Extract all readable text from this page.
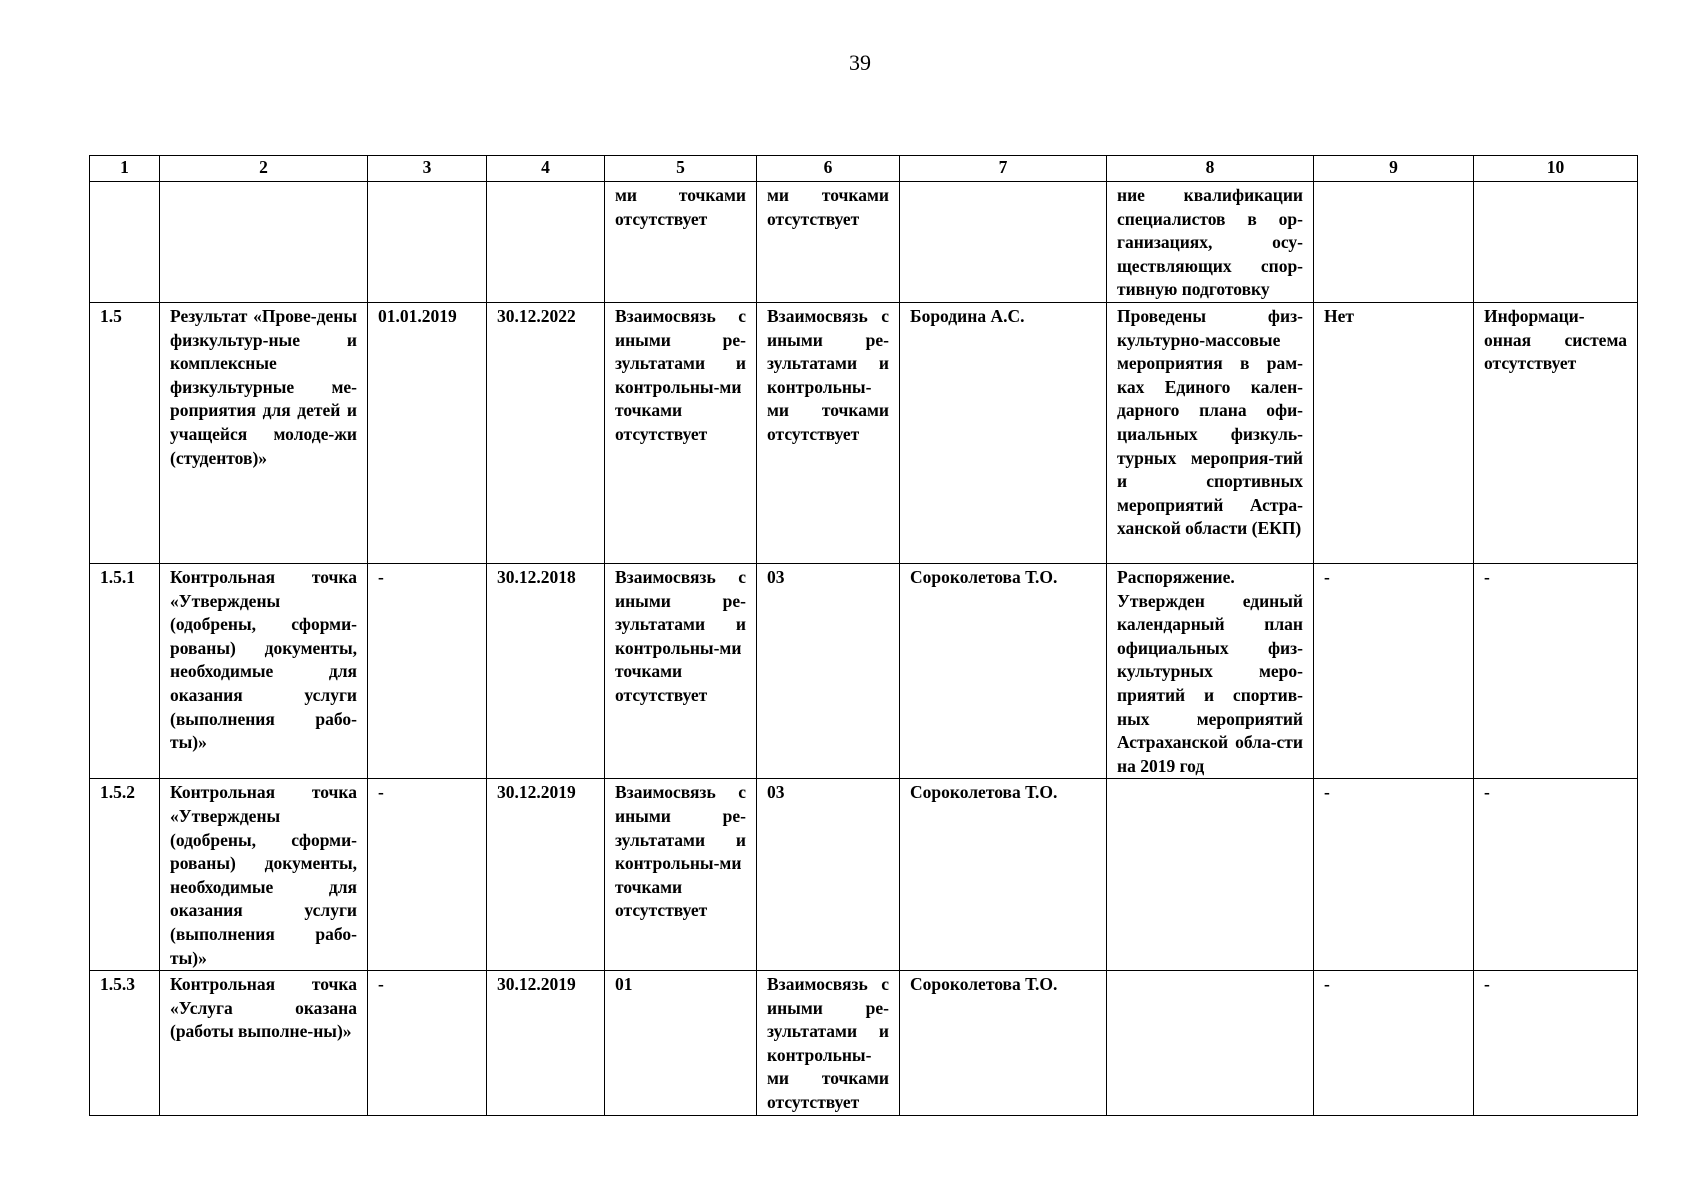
39
1	2	3	4	5	6	7	8	9	10
				ми точками отсутствует	ми точками отсутствует		ние квалификации специалистов в ор-ганизациях, осу-ществляющих спор-тивную подготовку		
1.5	Результат «Прове-дены физкультур-ные и комплексные физкультурные ме-роприятия для детей и учащейся молоде-жи (студентов)»	01.01.2019	30.12.2022	Взаимосвязь с иными ре-зультатами и контрольны-ми точками отсутствует	Взаимосвязь с иными ре-зультатами и контрольны-ми точками отсутствует	Бородина А.С.	Проведены физ-культурно-массовые мероприятия в рам-ках Единого кален-дарного плана офи-циальных физкуль-турных мероприя-тий и спортивных мероприятий Астра-ханской области (ЕКП)	Нет	Информаци-онная система отсутствует
1.5.1	Контрольная точка «Утверждены (одобрены, сформи-рованы) документы, необходимые для оказания услуги (выполнения рабо-ты)»	-	30.12.2018	Взаимосвязь с иными ре-зультатами и контрольны-ми точками отсутствует	03	Сороколетова Т.О.	Распоряжение. Утвержден единый календарный план официальных физ-культурных меро-приятий и спортив-ных мероприятий Астраханской обла-сти на 2019 год	-	-
1.5.2	Контрольная точка «Утверждены (одобрены, сформи-рованы) документы, необходимые для оказания услуги (выполнения рабо-ты)»	-	30.12.2019	Взаимосвязь с иными ре-зультатами и контрольны-ми точками отсутствует	03	Сороколетова Т.О.		-	-
1.5.3	Контрольная точка «Услуга оказана (работы выполне-ны)»	-	30.12.2019	01	Взаимосвязь с иными ре-зультатами и контрольны-ми точками отсутствует	Сороколетова Т.О.		-	-
